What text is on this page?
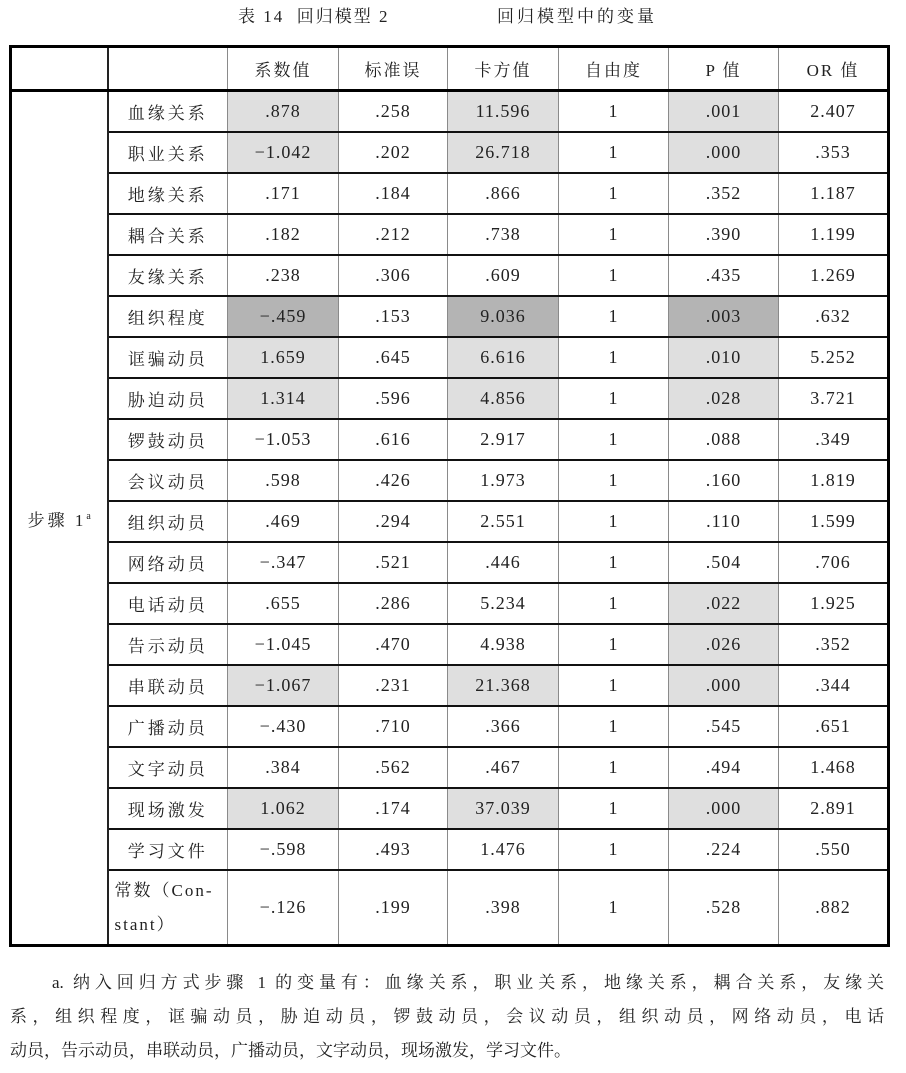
表 14  回归模型 2	回归模型中的变量
		系数值	标准误	卡方值	自由度	P 值	OR 值
步骤 1$^a$	血缘关系	.878	.258	11.596	1	.001	2.407
	职业关系	−1.042	.202	26.718	1	.000	.353
	地缘关系	.171	.184	.866	1	.352	1.187
	耦合关系	.182	.212	.738	1	.390	1.199
	友缘关系	.238	.306	.609	1	.435	1.269
	组织程度	−.459	.153	9.036	1	.003	.632
	诓骗动员	1.659	.645	6.616	1	.010	5.252
	胁迫动员	1.314	.596	4.856	1	.028	3.721
	锣鼓动员	−1.053	.616	2.917	1	.088	.349
	会议动员	.598	.426	1.973	1	.160	1.819
	组织动员	.469	.294	2.551	1	.110	1.599
	网络动员	−.347	.521	.446	1	.504	.706
	电话动员	.655	.286	5.234	1	.022	1.925
	告示动员	−1.045	.470	4.938	1	.026	.352
	串联动员	−1.067	.231	21.368	1	.000	.344
	广播动员	−.430	.710	.366	1	.545	.651
	文字动员	.384	.562	.467	1	.494	1.468
	现场激发	1.062	.174	37.039	1	.000	2.891
	学习文件	−.598	.493	1.476	1	.224	.550

	常数（Con-
stant）	−.126	.199	.398	1	.528	.882
a. 纳入回归方式步骤 1 的变量有：血缘关系，职业关系，地缘关系，耦合关系，友缘关
系，组织程度，诓骗动员，胁迫动员，锣鼓动员，会议动员，组织动员，网络动员，电话
动员，告示动员，串联动员，广播动员，文字动员，现场激发，学习文件。
